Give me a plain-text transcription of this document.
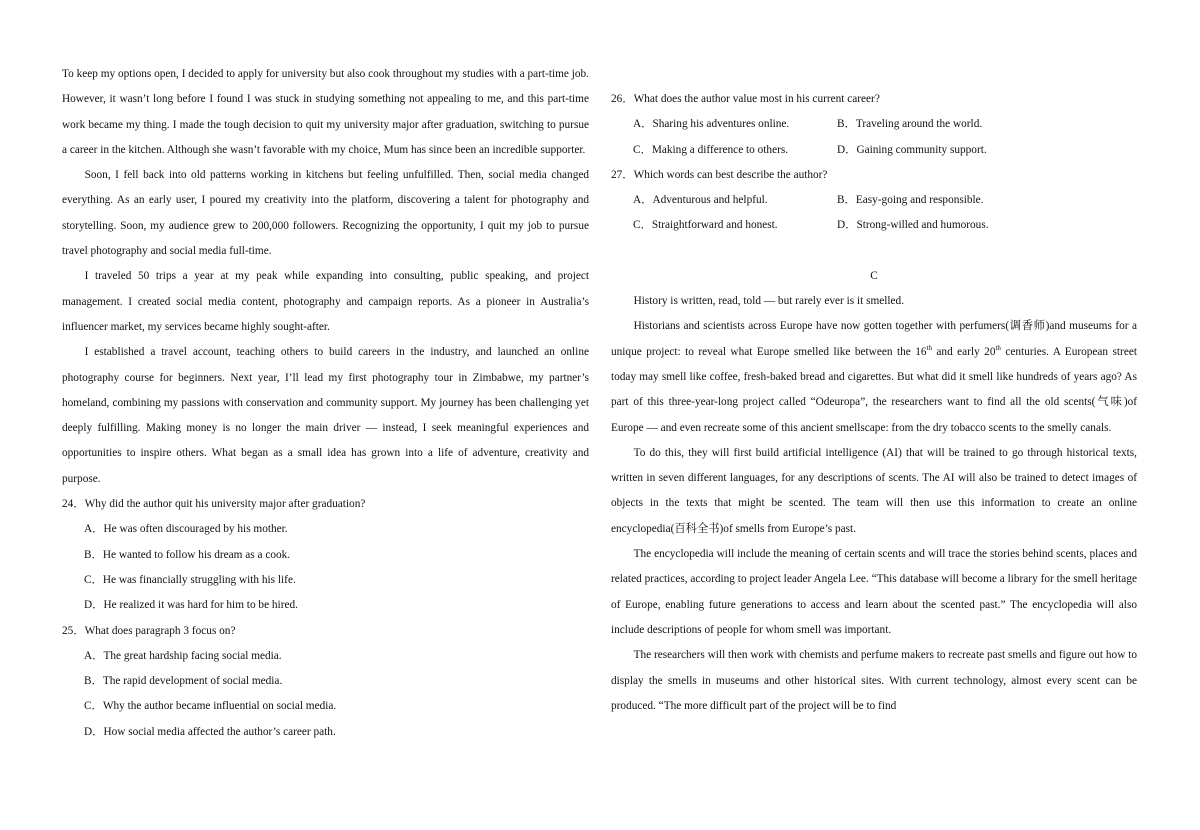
To keep my options open, I decided to apply for university but also cook throughout my studies with a part-time job. However, it wasn’t long before I found I was stuck in studying something not appealing to me, and this part-time work became my thing. I made the tough decision to quit my university major after graduation, switching to pursue a career in the kitchen. Although she wasn’t favorable with my choice, Mum has since been an incredible supporter.

Soon, I fell back into old patterns working in kitchens but feeling unfulfilled. Then, social media changed everything. As an early user, I poured my creativity into the platform, discovering a talent for photography and storytelling. Soon, my audience grew to 200,000 followers. Recognizing the opportunity, I quit my job to pursue travel photography and social media full-time.

I traveled 50 trips a year at my peak while expanding into consulting, public speaking, and project management. I created social media content, photography and campaign reports. As a pioneer in Australia’s influencer market, my services became highly sought-after.

I established a travel account, teaching others to build careers in the industry, and launched an online photography course for beginners. Next year, I’ll lead my first photography tour in Zimbabwe, my partner’s homeland, combining my passions with conservation and community support. My journey has been challenging yet deeply fulfilling. Making money is no longer the main driver — instead, I seek meaningful experiences and opportunities to inspire others. What began as a small idea has grown into a life of adventure, creativity and purpose.

24．Why did the author quit his university major after graduation?
A．He was often discouraged by his mother.
B．He wanted to follow his dream as a cook.
C．He was financially struggling with his life.
D．He realized it was hard for him to be hired.
25．What does paragraph 3 focus on?
A．The great hardship facing social media.
B．The rapid development of social media.
C．Why the author became influential on social media.
D．How social media affected the author’s career path.
26．What does the author value most in his current career?
A．Sharing his adventures online.	B．Traveling around the world.
C．Making a difference to others.	D．Gaining community support.
27．Which words can best describe the author?
A．Adventurous and helpful.	B．Easy-going and responsible.
C．Straightforward and honest.	D．Strong-willed and humorous.
C

History is written, read, told — but rarely ever is it smelled.

Historians and scientists across Europe have now gotten together with perfumers(调香师)and museums for a unique project: to reveal what Europe smelled like between the 16th and early 20th centuries. A European street today may smell like coffee, fresh-baked bread and cigarettes. But what did it smell like hundreds of years ago? As part of this three-year-long project called “Odeuropa”, the researchers want to find all the old scents(气味)of Europe — and even recreate some of this ancient smellscape: from the dry tobacco scents to the smelly canals.

To do this, they will first build artificial intelligence (AI) that will be trained to go through historical texts, written in seven different languages, for any descriptions of scents. The AI will also be trained to detect images of objects in the texts that might be scented. The team will then use this information to create an online encyclopedia(百科全书)of smells from Europe’s past.

The encyclopedia will include the meaning of certain scents and will trace the stories behind scents, places and related practices, according to project leader Angela Lee. “This database will become a library for the smell heritage of Europe, enabling future generations to access and learn about the scented past.” The encyclopedia will also include descriptions of people for whom smell was important.

The researchers will then work with chemists and perfume makers to recreate past smells and figure out how to display the smells in museums and other historical sites. With current technology, almost every scent can be produced. “The more difficult part of the project will be to find
